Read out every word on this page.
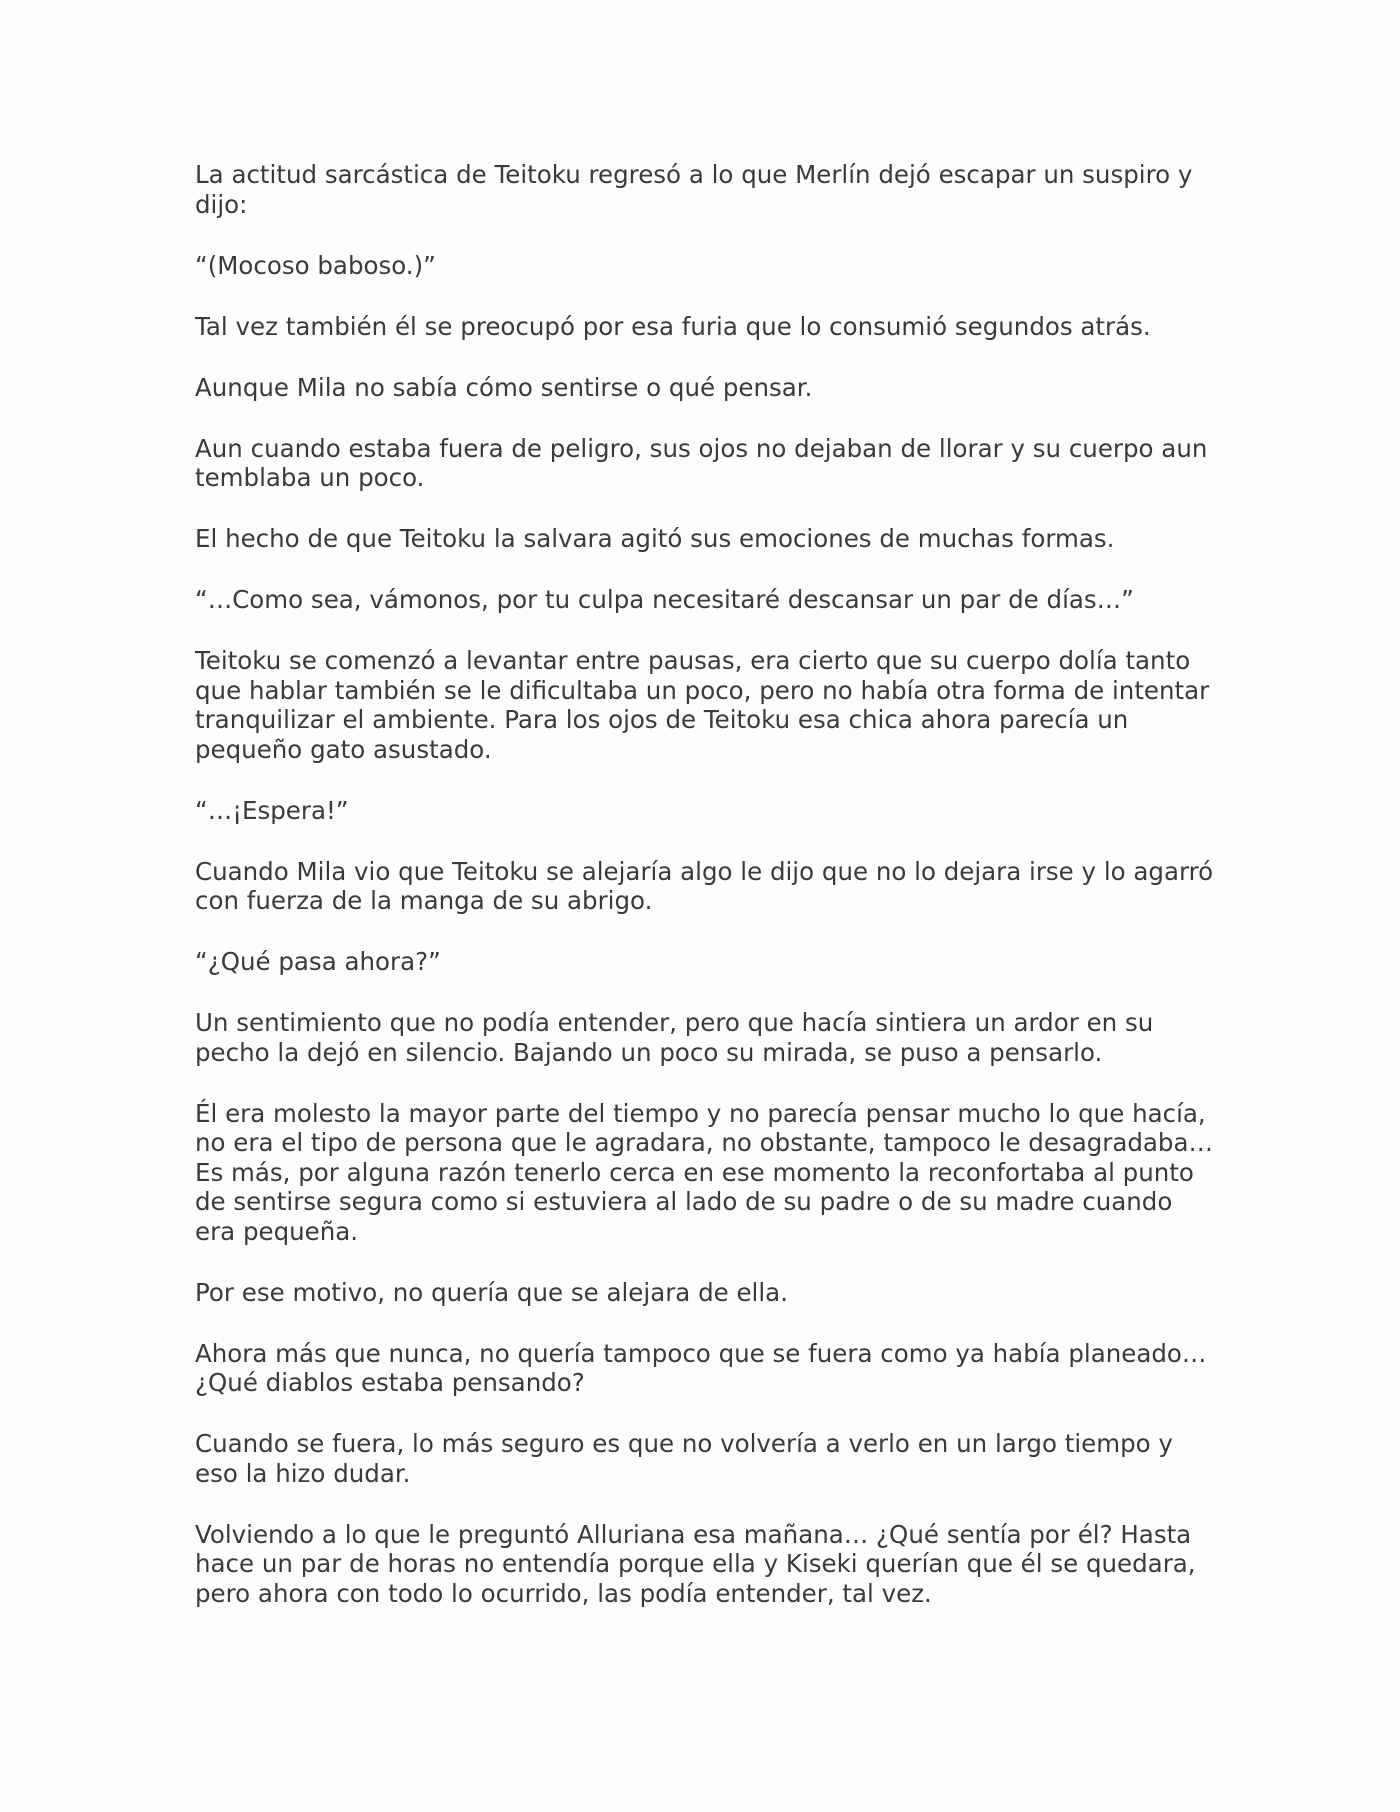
La actitud sarcástica de Teitoku regresó a lo que Merlín dejó escapar un suspiro y dijo:

“(Mocoso baboso.)”

Tal vez también él se preocupó por esa furia que lo consumió segundos atrás.

Aunque Mila no sabía cómo sentirse o qué pensar.

Aun cuando estaba fuera de peligro, sus ojos no dejaban de llorar y su cuerpo aun temblaba un poco.

El hecho de que Teitoku la salvara agitó sus emociones de muchas formas.

“…Como sea, vámonos, por tu culpa necesitaré descansar un par de días…”

Teitoku se comenzó a levantar entre pausas, era cierto que su cuerpo dolía tanto que hablar también se le dificultaba un poco, pero no había otra forma de intentar tranquilizar el ambiente. Para los ojos de Teitoku esa chica ahora parecía un pequeño gato asustado.

“…¡Espera!”

Cuando Mila vio que Teitoku se alejaría algo le dijo que no lo dejara irse y lo agarró con fuerza de la manga de su abrigo.

“¿Qué pasa ahora?”

Un sentimiento que no podía entender, pero que hacía sintiera un ardor en su pecho la dejó en silencio. Bajando un poco su mirada, se puso a pensarlo.

Él era molesto la mayor parte del tiempo y no parecía pensar mucho lo que hacía, no era el tipo de persona que le agradara, no obstante, tampoco le desagradaba… Es más, por alguna razón tenerlo cerca en ese momento la reconfortaba al punto de sentirse segura como si estuviera al lado de su padre o de su madre cuando era pequeña.

Por ese motivo, no quería que se alejara de ella.

Ahora más que nunca, no quería tampoco que se fuera como ya había planeado… ¿Qué diablos estaba pensando?

Cuando se fuera, lo más seguro es que no volvería a verlo en un largo tiempo y eso la hizo dudar.

Volviendo a lo que le preguntó Alluriana esa mañana… ¿Qué sentía por él? Hasta hace un par de horas no entendía porque ella y Kiseki querían que él se quedara, pero ahora con todo lo ocurrido, las podía entender, tal vez.
